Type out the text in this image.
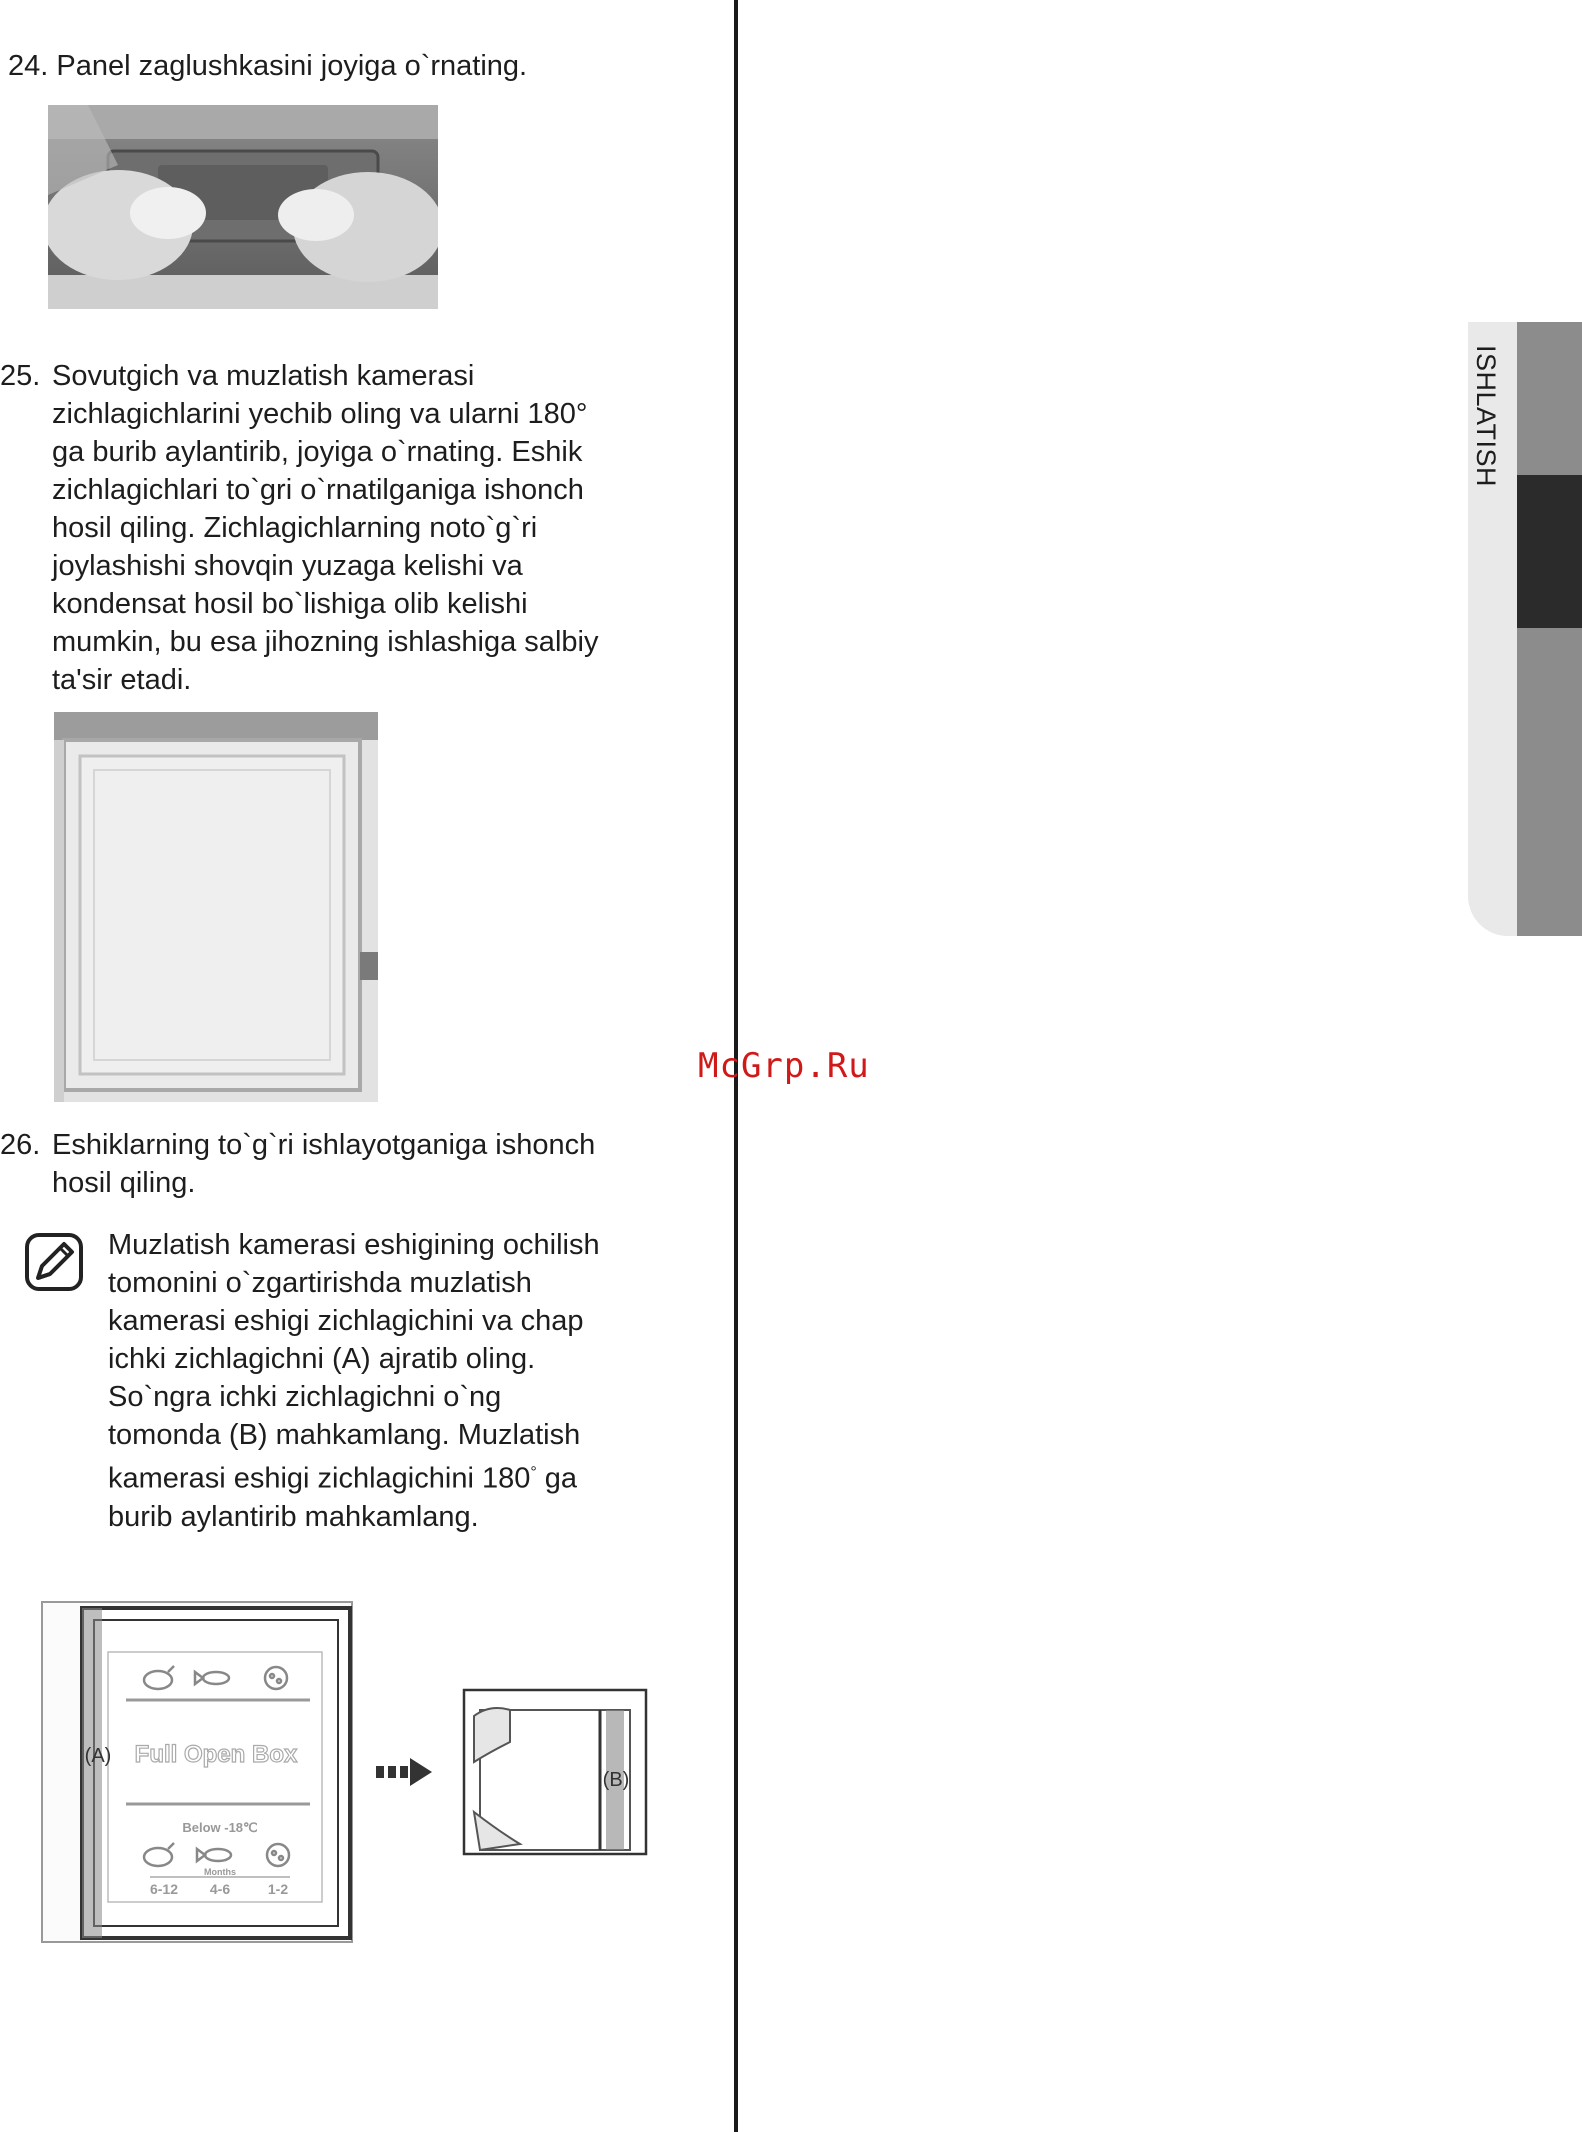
24. Panel zaglushkasini joyiga o`rnating.
25. Sovutgich va muzlatish kamerasi
zichlagichlarini yechib oling va ularni 180°
ga burib aylantirib, joyiga o`rnating. Eshik
zichlagichlari to`gri o`rnatilganiga ishonch
hosil qiling. Zichlagichlarning noto`g`ri
joylashishi shovqin yuzaga kelishi va
kondensat hosil bo`lishiga olib kelishi
mumkin, bu esa jihozning ishlashiga salbiy
ta'sir etadi.
26. Eshiklarning to`g`ri ishlayotganiga ishonch
hosil qiling.
Muzlatish kamerasi eshigining ochilish
tomonini o`zgartirishda muzlatish
kamerasi eshigi zichlagichini va chap
ichki zichlagichni (A) ajratib oling.
So`ngra ichki zichlagichni o`ng
tomonda (B) mahkamlang. Muzlatish
kamerasi eshigi zichlagichini 180° ga
burib aylantirib mahkamlang.
Full Open Box
Below -18℃
Months
6-12 4-6	1-2
(A)
(B)
ISHLATISH
McGrp.Ru
